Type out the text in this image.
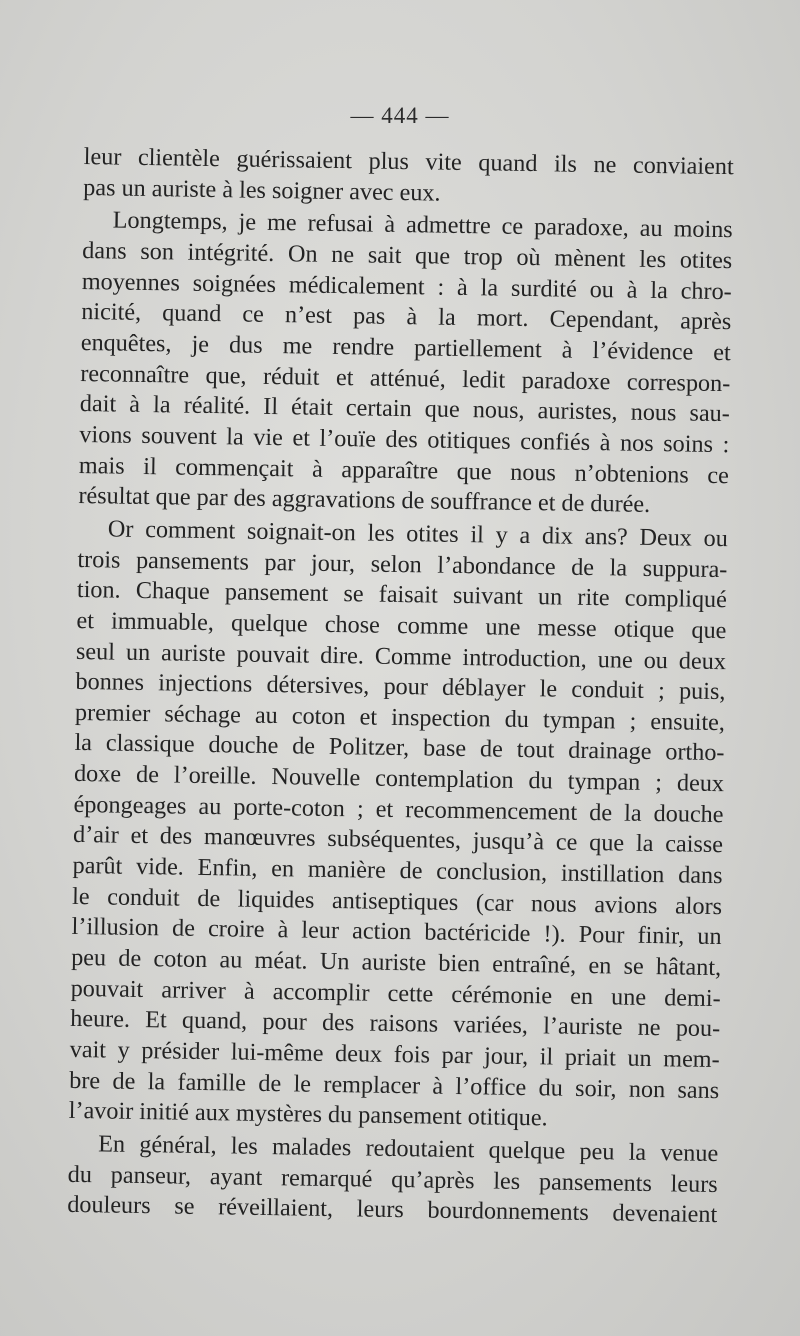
— 444 —
leur clientèle guérissaient plus vite quand ils ne conviaient
pas un auriste à les soigner avec eux.
Longtemps, je me refusai à admettre ce paradoxe, au moins
dans son intégrité. On ne sait que trop où mènent les otites
moyennes soignées médicalement : à la surdité ou à la chro-
nicité, quand ce n’est pas à la mort. Cependant, après
enquêtes, je dus me rendre partiellement à l’évidence et
reconnaître que, réduit et atténué, ledit paradoxe correspon-
dait à la réalité. Il était certain que nous, auristes, nous sau-
vions souvent la vie et l’ouïe des otitiques confiés à nos soins :
mais il commençait à apparaître que nous n’obtenions ce
résultat que par des aggravations de souffrance et de durée.
Or comment soignait-on les otites il y a dix ans? Deux ou
trois pansements par jour, selon l’abondance de la suppura-
tion. Chaque pansement se faisait suivant un rite compliqué
et immuable, quelque chose comme une messe otique que
seul un auriste pouvait dire. Comme introduction, une ou deux
bonnes injections détersives, pour déblayer le conduit ; puis,
premier séchage au coton et inspection du tympan ; ensuite,
la classique douche de Politzer, base de tout drainage ortho-
doxe de l’oreille. Nouvelle contemplation du tympan ; deux
épongeages au porte-coton ; et recommencement de la douche
d’air et des manœuvres subséquentes, jusqu’à ce que la caisse
parût vide. Enfin, en manière de conclusion, instillation dans
le conduit de liquides antiseptiques (car nous avions alors
l’illusion de croire à leur action bactéricide !). Pour finir, un
peu de coton au méat. Un auriste bien entraîné, en se hâtant,
pouvait arriver à accomplir cette cérémonie en une demi-
heure. Et quand, pour des raisons variées, l’auriste ne pou-
vait y présider lui-même deux fois par jour, il priait un mem-
bre de la famille de le remplacer à l’office du soir, non sans
l’avoir initié aux mystères du pansement otitique.
En général, les malades redoutaient quelque peu la venue
du panseur, ayant remarqué qu’après les pansements leurs
douleurs se réveillaient, leurs bourdonnements devenaient
